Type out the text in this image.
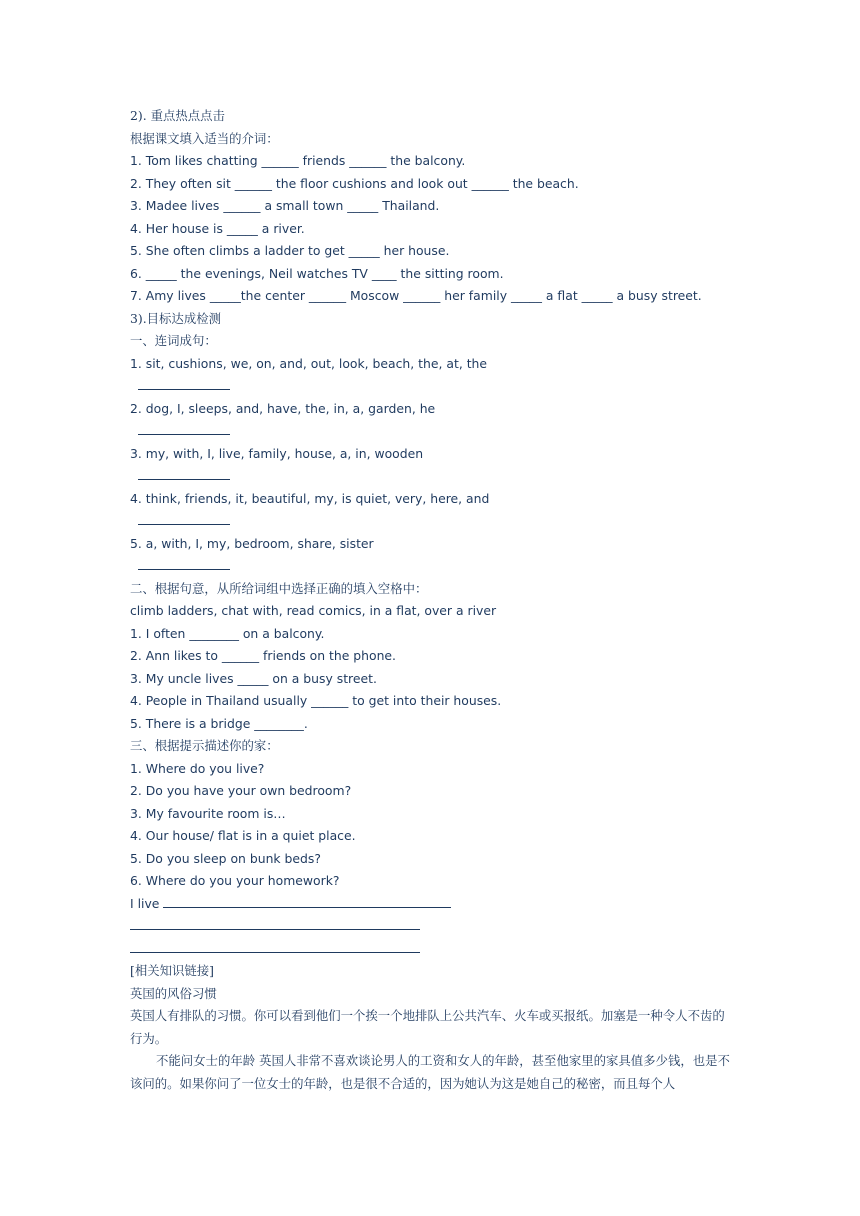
2). 重点热点点击
根据课文填入适当的介词：
1. Tom likes chatting ______ friends ______ the balcony.
2. They often sit ______ the floor cushions and look out ______ the beach.
3. Madee lives ______ a small town _____ Thailand.
4. Her house is _____ a river.
5. She often climbs a ladder to get _____ her house.
6. _____ the evenings, Neil watches TV ____ the sitting room.
7. Amy lives _____the center ______ Moscow ______ her family _____ a flat _____ a busy street.
3).目标达成检测
一、连词成句：
1. sit, cushions, we, on, and, out, look, beach, the, at, the
2. dog, I, sleeps, and, have, the, in, a, garden, he
3. my, with, I, live, family, house, a, in, wooden
4. think, friends, it, beautiful, my, is quiet, very, here, and
5. a, with, I, my, bedroom, share, sister
二、根据句意，从所给词组中选择正确的填入空格中：
climb ladders, chat with, read comics, in a flat, over a river
1. I often ________ on a balcony.
2. Ann likes to ______ friends on the phone.
3. My uncle lives _____ on a busy street.
4. People in Thailand usually ______ to get into their houses.
5. There is a bridge ________.
三、根据提示描述你的家：
1. Where do you live?
2. Do you have your own bedroom?
3. My favourite room is…
4. Our house/ flat is in a quiet place.
5. Do you sleep on bunk beds?
6. Where do you your homework?
I live
[相关知识链接]
英国的风俗习惯
英国人有排队的习惯。你可以看到他们一个挨一个地排队上公共汽车、火车或买报纸。加塞是一种令人不齿的行为。
不能问女士的年龄 英国人非常不喜欢谈论男人的工资和女人的年龄，甚至他家里的家具值多少钱，也是不该问的。如果你问了一位女士的年龄，也是很不合适的，因为她认为这是她自己的秘密，而且每个人
